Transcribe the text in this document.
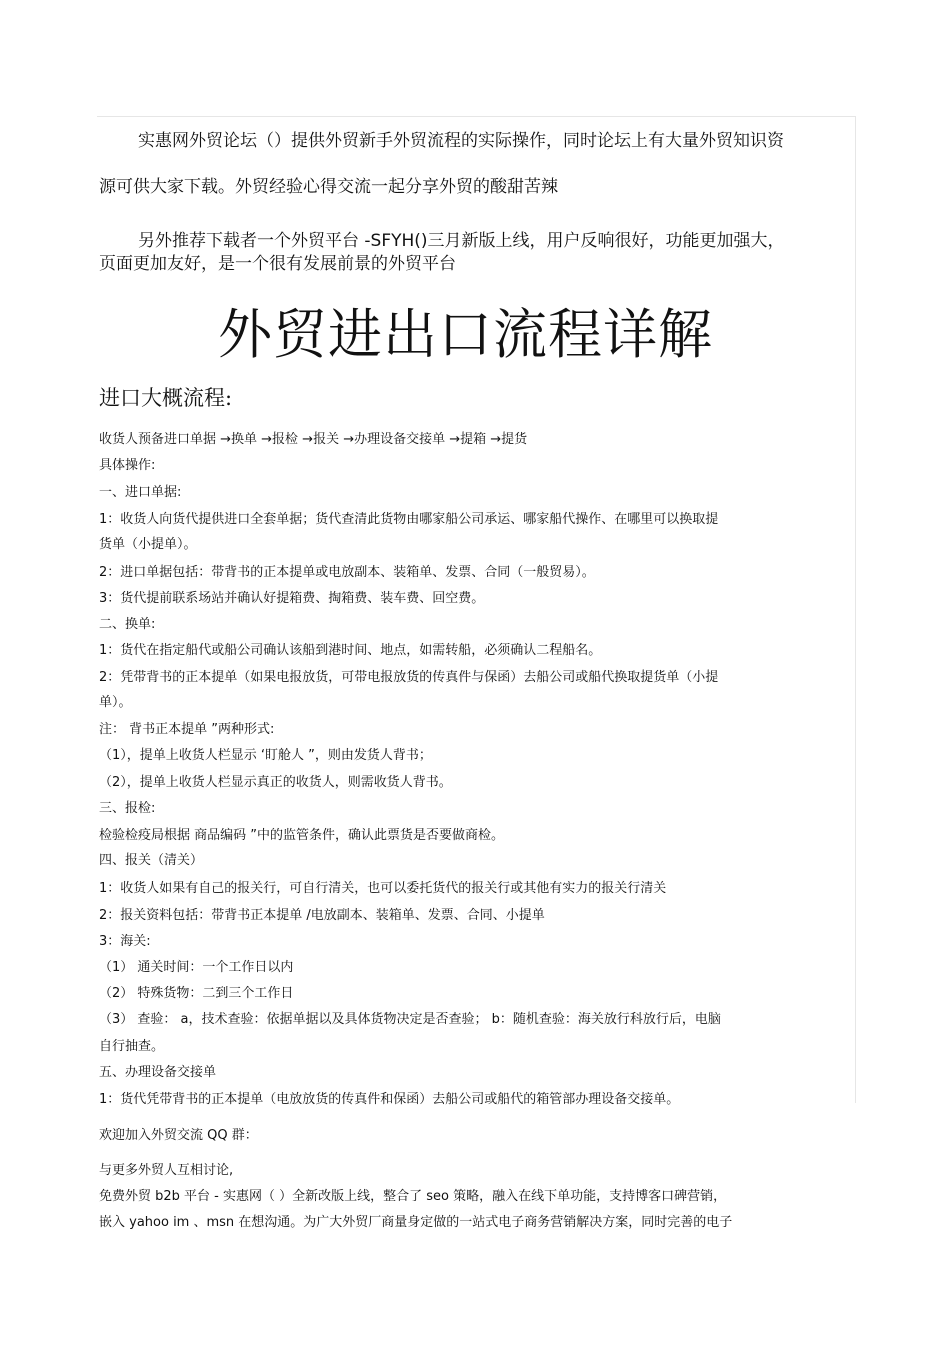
实惠网外贸论坛（）提供外贸新手外贸流程的实际操作，同时论坛上有大量外贸知识资
源可供大家下载。外贸经验心得交流一起分享外贸的酸甜苦辣
另外推荐下载者一个外贸平台 -SFYH()三月新版上线，用户反响很好，功能更加强大，
页面更加友好，是一个很有发展前景的外贸平台
外贸进出口流程详解
进口大概流程:
收货人预备进口单据 →换单 →报检 →报关 →办理设备交接单 →提箱 →提货
具体操作:
一、进口单据:
1：收货人向货代提供进口全套单据；货代查清此货物由哪家船公司承运、哪家船代操作、在哪里可以换取提
货单（小提单）。
2：进口单据包括：带背书的正本提单或电放副本、装箱单、发票、合同（一般贸易）。
3：货代提前联系场站并确认好提箱费、掏箱费、装车费、回空费。
二、换单:
1：货代在指定船代或船公司确认该船到港时间、地点，如需转船，必须确认二程船名。
2：凭带背书的正本提单（如果电报放货，可带电报放货的传真件与保函）去船公司或船代换取提货单（小提
单）。
注： 背书正本提单 ”两种形式:
（1），提单上收货人栏显示 ‘盯舱人 ”，则由发货人背书；
（2），提单上收货人栏显示真正的收货人，则需收货人背书。
三、报检:
检验检疫局根据 商品编码 ”中的监管条件，确认此票货是否要做商检。
四、报关（清关）
1：收货人如果有自己的报关行，可自行清关，也可以委托货代的报关行或其他有实力的报关行清关
2：报关资料包括：带背书正本提单 /电放副本、装箱单、发票、合同、小提单
3：海关:
（1） 通关时间：一个工作日以内
（2） 特殊货物：二到三个工作日
（3） 查验： a，技术查验：依据单据以及具体货物决定是否查验； b：随机查验：海关放行科放行后，电脑
自行抽查。
五、办理设备交接单
1：货代凭带背书的正本提单（电放放货的传真件和保函）去船公司或船代的箱管部办理设备交接单。
欢迎加入外贸交流 QQ 群：
与更多外贸人互相讨论,
免费外贸 b2b 平台 - 实惠网（ ）全新改版上线，整合了 seo 策略，融入在线下单功能，支持博客口碑营销，
嵌入 yahoo im 、msn 在想沟通。为广大外贸厂商量身定做的一站式电子商务营销解决方案，同时完善的电子
